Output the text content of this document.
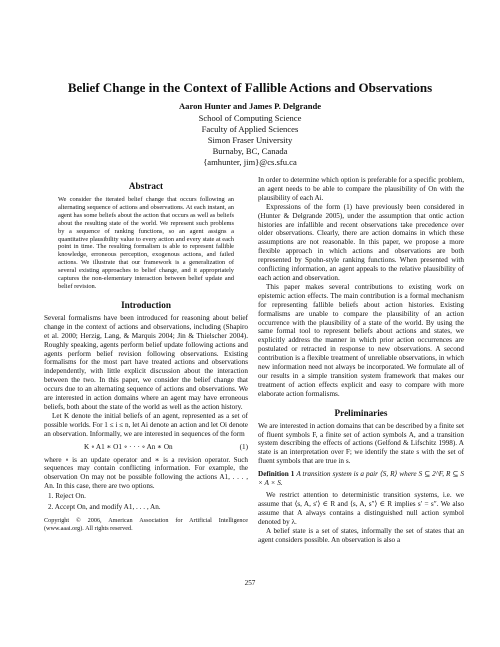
Belief Change in the Context of Fallible Actions and Observations
Aaron Hunter and James P. Delgrande
School of Computing Science
Faculty of Applied Sciences
Simon Fraser University
Burnaby, BC, Canada
{amhunter, jim}@cs.sfu.ca
Abstract
We consider the iterated belief change that occurs following an alternating sequence of actions and observations. At each instant, an agent has some beliefs about the action that occurs as well as beliefs about the resulting state of the world. We represent such problems by a sequence of ranking functions, so an agent assigns a quantitative plausibility value to every action and every state at each point in time. The resulting formalism is able to represent fallible knowledge, erroneous perception, exogenous actions, and failed actions. We illustrate that our framework is a generalization of several existing approaches to belief change, and it appropriately captures the non-elementary interaction between belief update and belief revision.
Introduction

Several formalisms have been introduced for reasoning about belief change in the context of actions and observations, including (Shapiro et al. 2000; Herzig, Lang, & Marquis 2004; Jin & Thielscher 2004). Roughly speaking, agents perform belief update following actions and agents perform belief revision following observations. Existing formalisms for the most part have treated actions and observations independently, with little explicit discussion about the interaction between the two. In this paper, we consider the belief change that occurs due to an alternating sequence of actions and observations. We are interested in action domains where an agent may have erroneous beliefs, both about the state of the world as well as the action history.

Let K denote the initial beliefs of an agent, represented as a set of possible worlds. For 1 ≤ i ≤ n, let Ai denote an action and let Oi denote an observation. Informally, we are interested in sequences of the form

K ∘ A1 ∗ O1 ∘ · · · ∘ An ∗ On	(1)

where ∘ is an update operator and ∗ is a revision operator. Such sequences may contain conflicting information. For example, the observation On may not be possible following the actions A1, . . . , An. In this case, there are two options.

1. Reject On.
2. Accept On, and modify A1, . . . , An.
Copyright © 2006, American Association for Artificial Intelligence (www.aaai.org). All rights reserved.

In order to determine which option is preferable for a specific problem, an agent needs to be able to compare the plausibility of On with the plausibility of each Ai.

Expressions of the form (1) have previously been considered in (Hunter & Delgrande 2005), under the assumption that ontic action histories are infallible and recent observations take precedence over older observations. Clearly, there are action domains in which these assumptions are not reasonable. In this paper, we propose a more flexible approach in which actions and observations are both represented by Spohn-style ranking functions. When presented with conflicting information, an agent appeals to the relative plausibility of each action and observation.

This paper makes several contributions to existing work on epistemic action effects. The main contribution is a formal mechanism for representing fallible beliefs about action histories. Existing formalisms are unable to compare the plausibility of an action occurrence with the plausibility of a state of the world. By using the same formal tool to represent beliefs about actions and states, we explicitly address the manner in which prior action occurrences are postulated or retracted in response to new observations. A second contribution is a flexible treatment of unreliable observations, in which new information need not always be incorporated. We formulate all of our results in a simple transition system framework that makes our treatment of action effects explicit and easy to compare with more elaborate action formalisms.

Preliminaries

We are interested in action domains that can be described by a finite set of fluent symbols F, a finite set of action symbols A, and a transition system describing the effects of actions (Gelfond & Lifschitz 1998). A state is an interpretation over F; we identify the state s with the set of fluent symbols that are true in s.

Definition 1 A transition system is a pair ⟨S, R⟩ where S ⊆ 2^F, R ⊆ S × A × S.

We restrict attention to deterministic transition systems, i.e. we assume that ⟨s, A, s′⟩ ∈ R and ⟨s, A, s″⟩ ∈ R implies s′ = s″. We also assume that A always contains a distinguished null action symbol denoted by λ.

A belief state is a set of states, informally the set of states that an agent considers possible. An observation is also a

257
